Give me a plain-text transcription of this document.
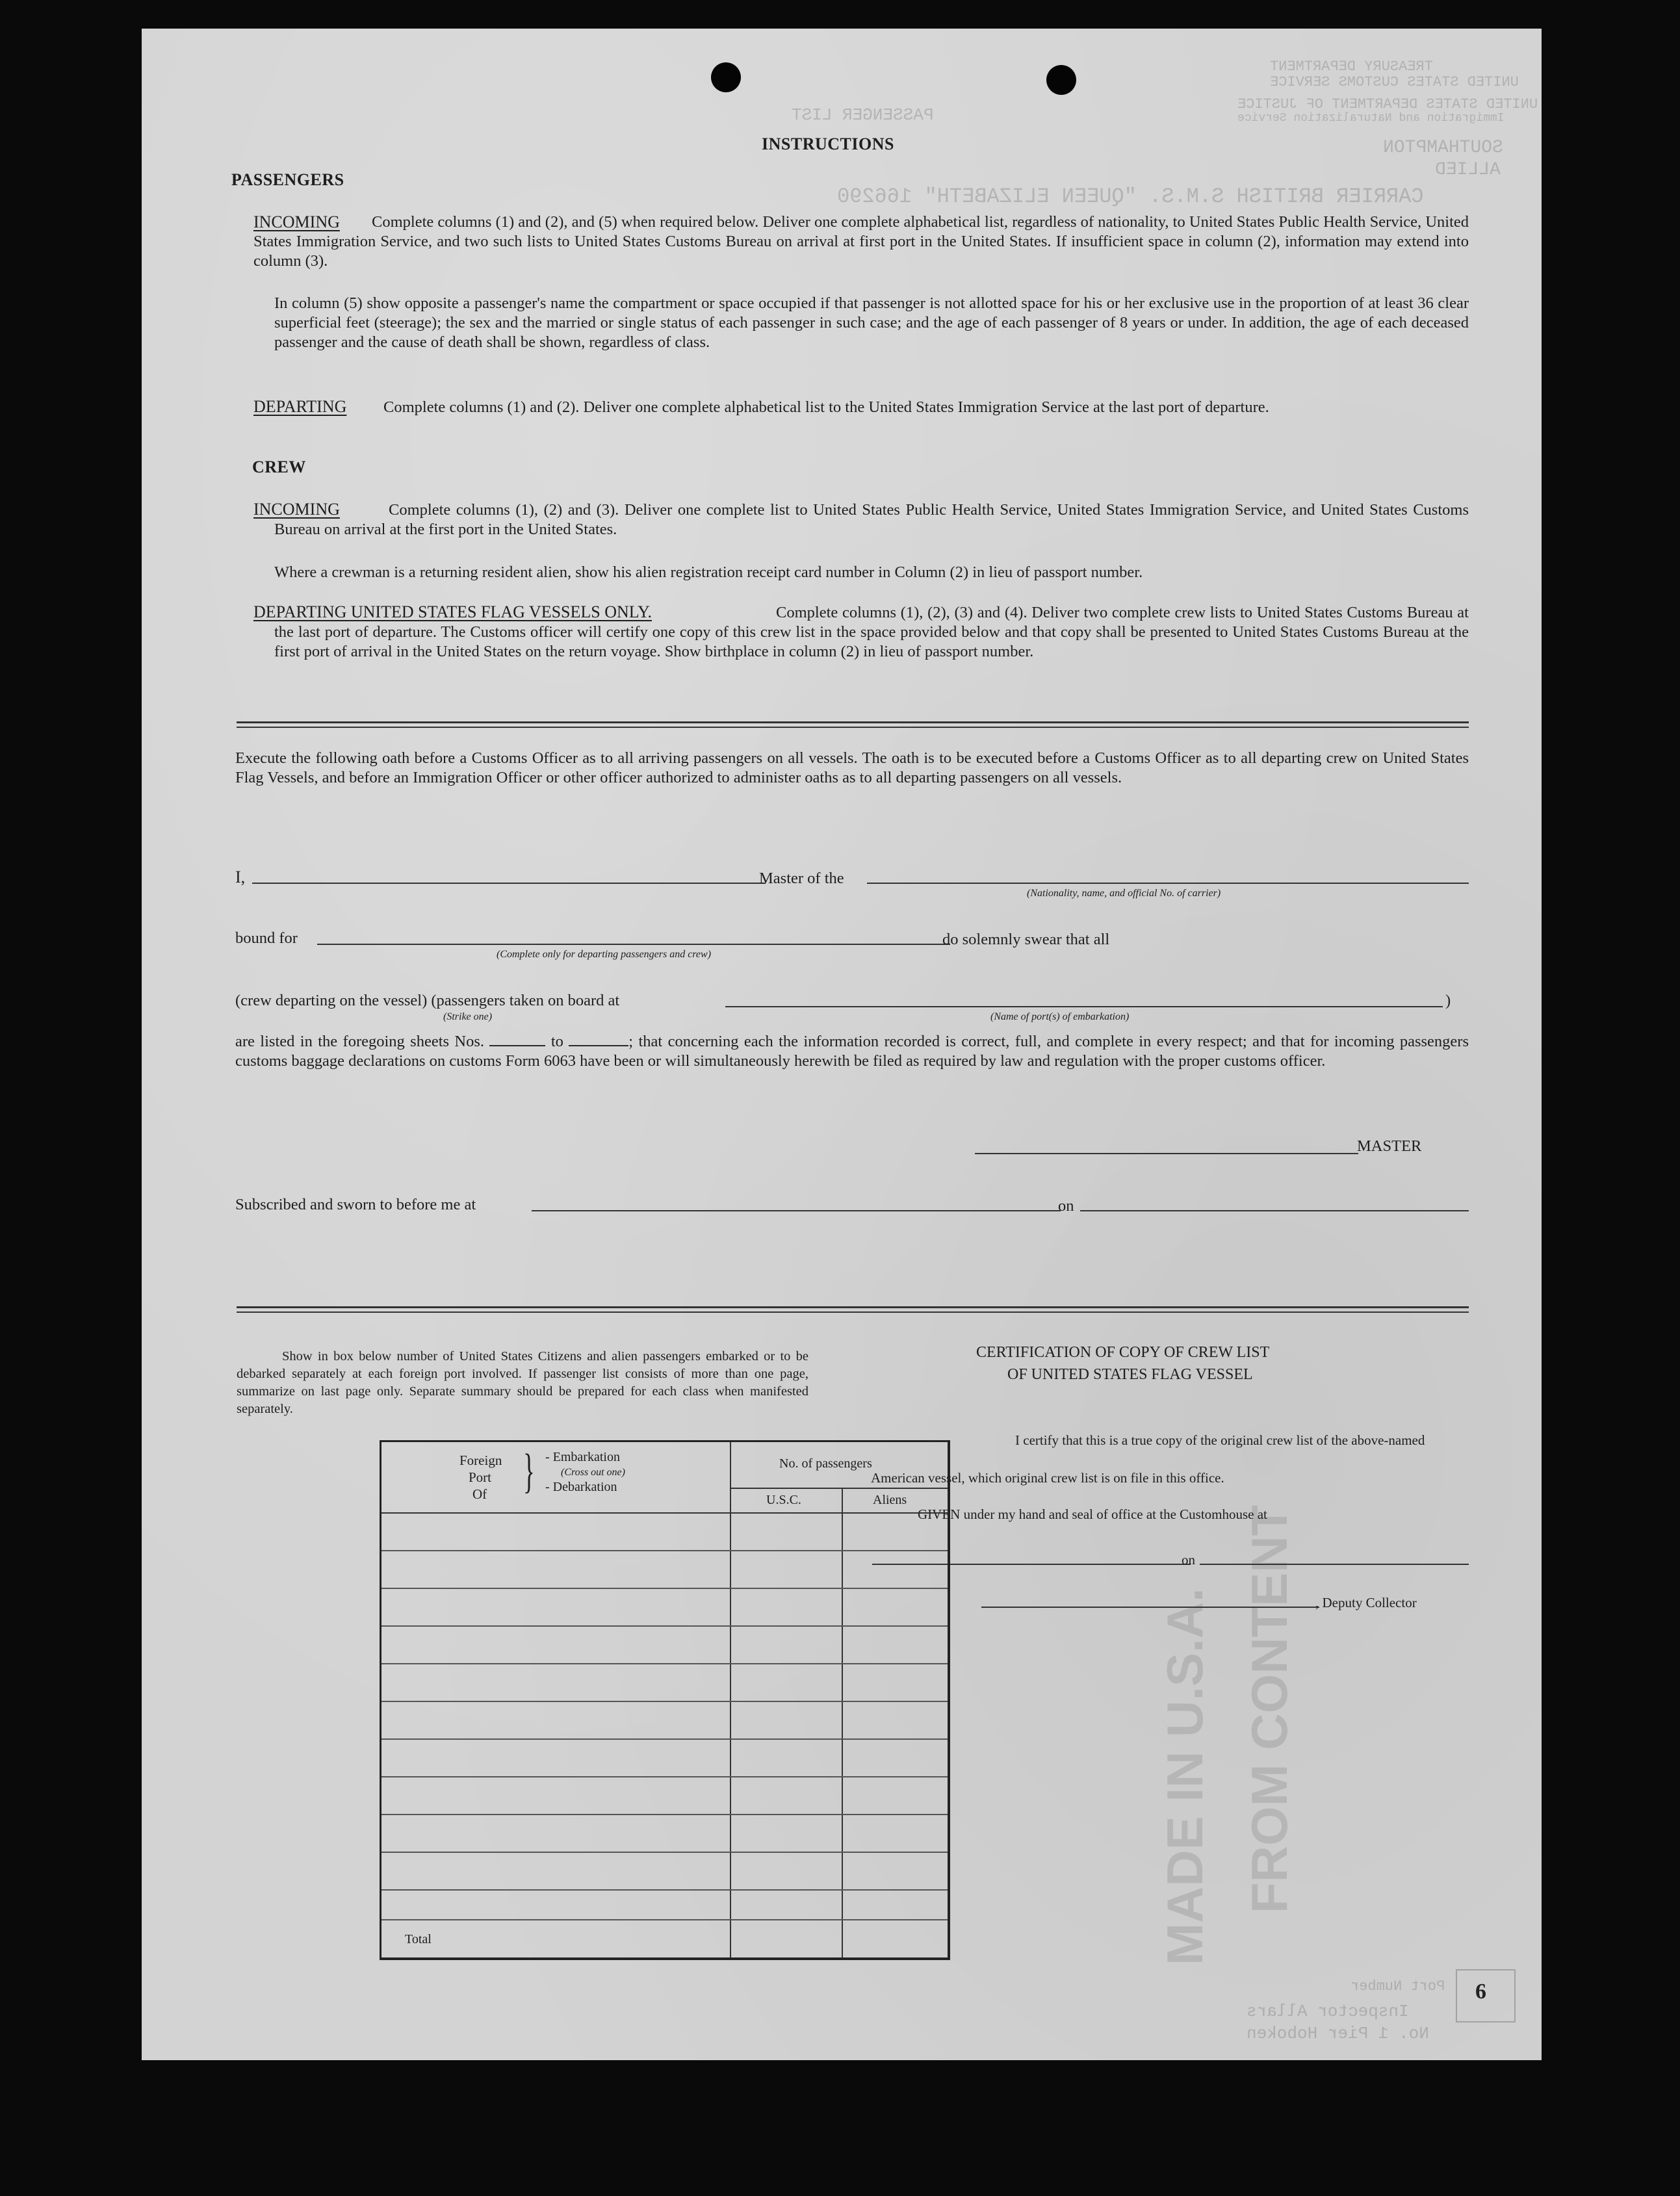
PASSENGER LIST
TREASURY DEPARTMENT
UNITED STATES CUSTOMS SERVICE
UNITED STATES DEPARTMENT OF JUSTICE
Immigration and Naturalization Service
SOUTHAMPTON
ALLIED
CARRIER BRITISH S.M.S. "QUEEN ELIZABETH" 166290
MADE IN U.S.A. FROM CONTENT
Port Number
Inspector Allars
No. 1 Pier Hoboken
6
INSTRUCTIONS
PASSENGERS
INCOMING	Complete columns (1) and (2), and (5) when required below. Deliver one complete alphabetical list, regardless of nationality, to United States Public Health Service, United States Immigration Service, and two such lists to United States Customs Bureau on arrival at first port in the United States. If insufficient space in column (2), information may extend into column (3).
In column (5) show opposite a passenger's name the compartment or space occupied if that passenger is not allotted space for his or her exclusive use in the proportion of at least 36 clear superficial feet (steerage); the sex and the married or single status of each passenger in such case; and the age of each passenger of 8 years or under. In addition, the age of each deceased passenger and the cause of death shall be shown, regardless of class.
DEPARTING	Complete columns (1) and (2). Deliver one complete alphabetical list to the United States Immigration Service at the last port of departure.
CREW
INCOMING	Complete columns (1), (2) and (3). Deliver one complete list to United States Public Health Service, United States Immigration Service, and United States Customs Bureau on arrival at the first port in the United States.
Where a crewman is a returning resident alien, show his alien registration receipt card number in Column (2) in lieu of passport number.
DEPARTING UNITED STATES FLAG VESSELS ONLY.	Complete columns (1), (2), (3) and (4). Deliver two complete crew lists to United States Customs Bureau at the last port of departure. The Customs officer will certify one copy of this crew list in the space provided below and that copy shall be presented to United States Customs Bureau at the first port of arrival in the United States on the return voyage. Show birthplace in column (2) in lieu of passport number.
Execute the following oath before a Customs Officer as to all arriving passengers on all vessels. The oath is to be executed before a Customs Officer as to all departing crew on United States Flag Vessels, and before an Immigration Officer or other officer authorized to administer oaths as to all departing passengers on all vessels.
I,	Master of the
(Nationality, name, and official No. of carrier)
bound for
(Complete only for departing passengers and crew)
do solemnly swear that all
(crew departing on the vessel) (passengers taken on board at	)
(Strike one)	(Name of port(s) of embarkation)
are listed in the foregoing sheets Nos.	to	; that concerning each the information recorded is correct, full, and complete in every respect; and that for incoming passengers customs baggage declarations on customs Form 6063 have been or will simultaneously herewith be filed as required by law and regulation with the proper customs officer.
MASTER
Subscribed and sworn to before me at	on
Show in box below number of United States Citizens and alien passengers embarked or to be debarked separately at each foreign port involved. If passenger list consists of more than one page, summarize on last page only. Separate summary should be prepared for each class when manifested separately.
CERTIFICATION OF COPY OF CREW LIST
OF UNITED STATES FLAG VESSEL
I certify that this is a true copy of the original crew list of the above-named
American vessel, which original crew list is on file in this office.
GIVEN under my hand and seal of office at the Customhouse at
on
, Deputy Collector
Foreign
Port
Of } - Embarkation
(Cross out one)
- Debarkation
No. of passengers
U.S.C.	Aliens
Total
